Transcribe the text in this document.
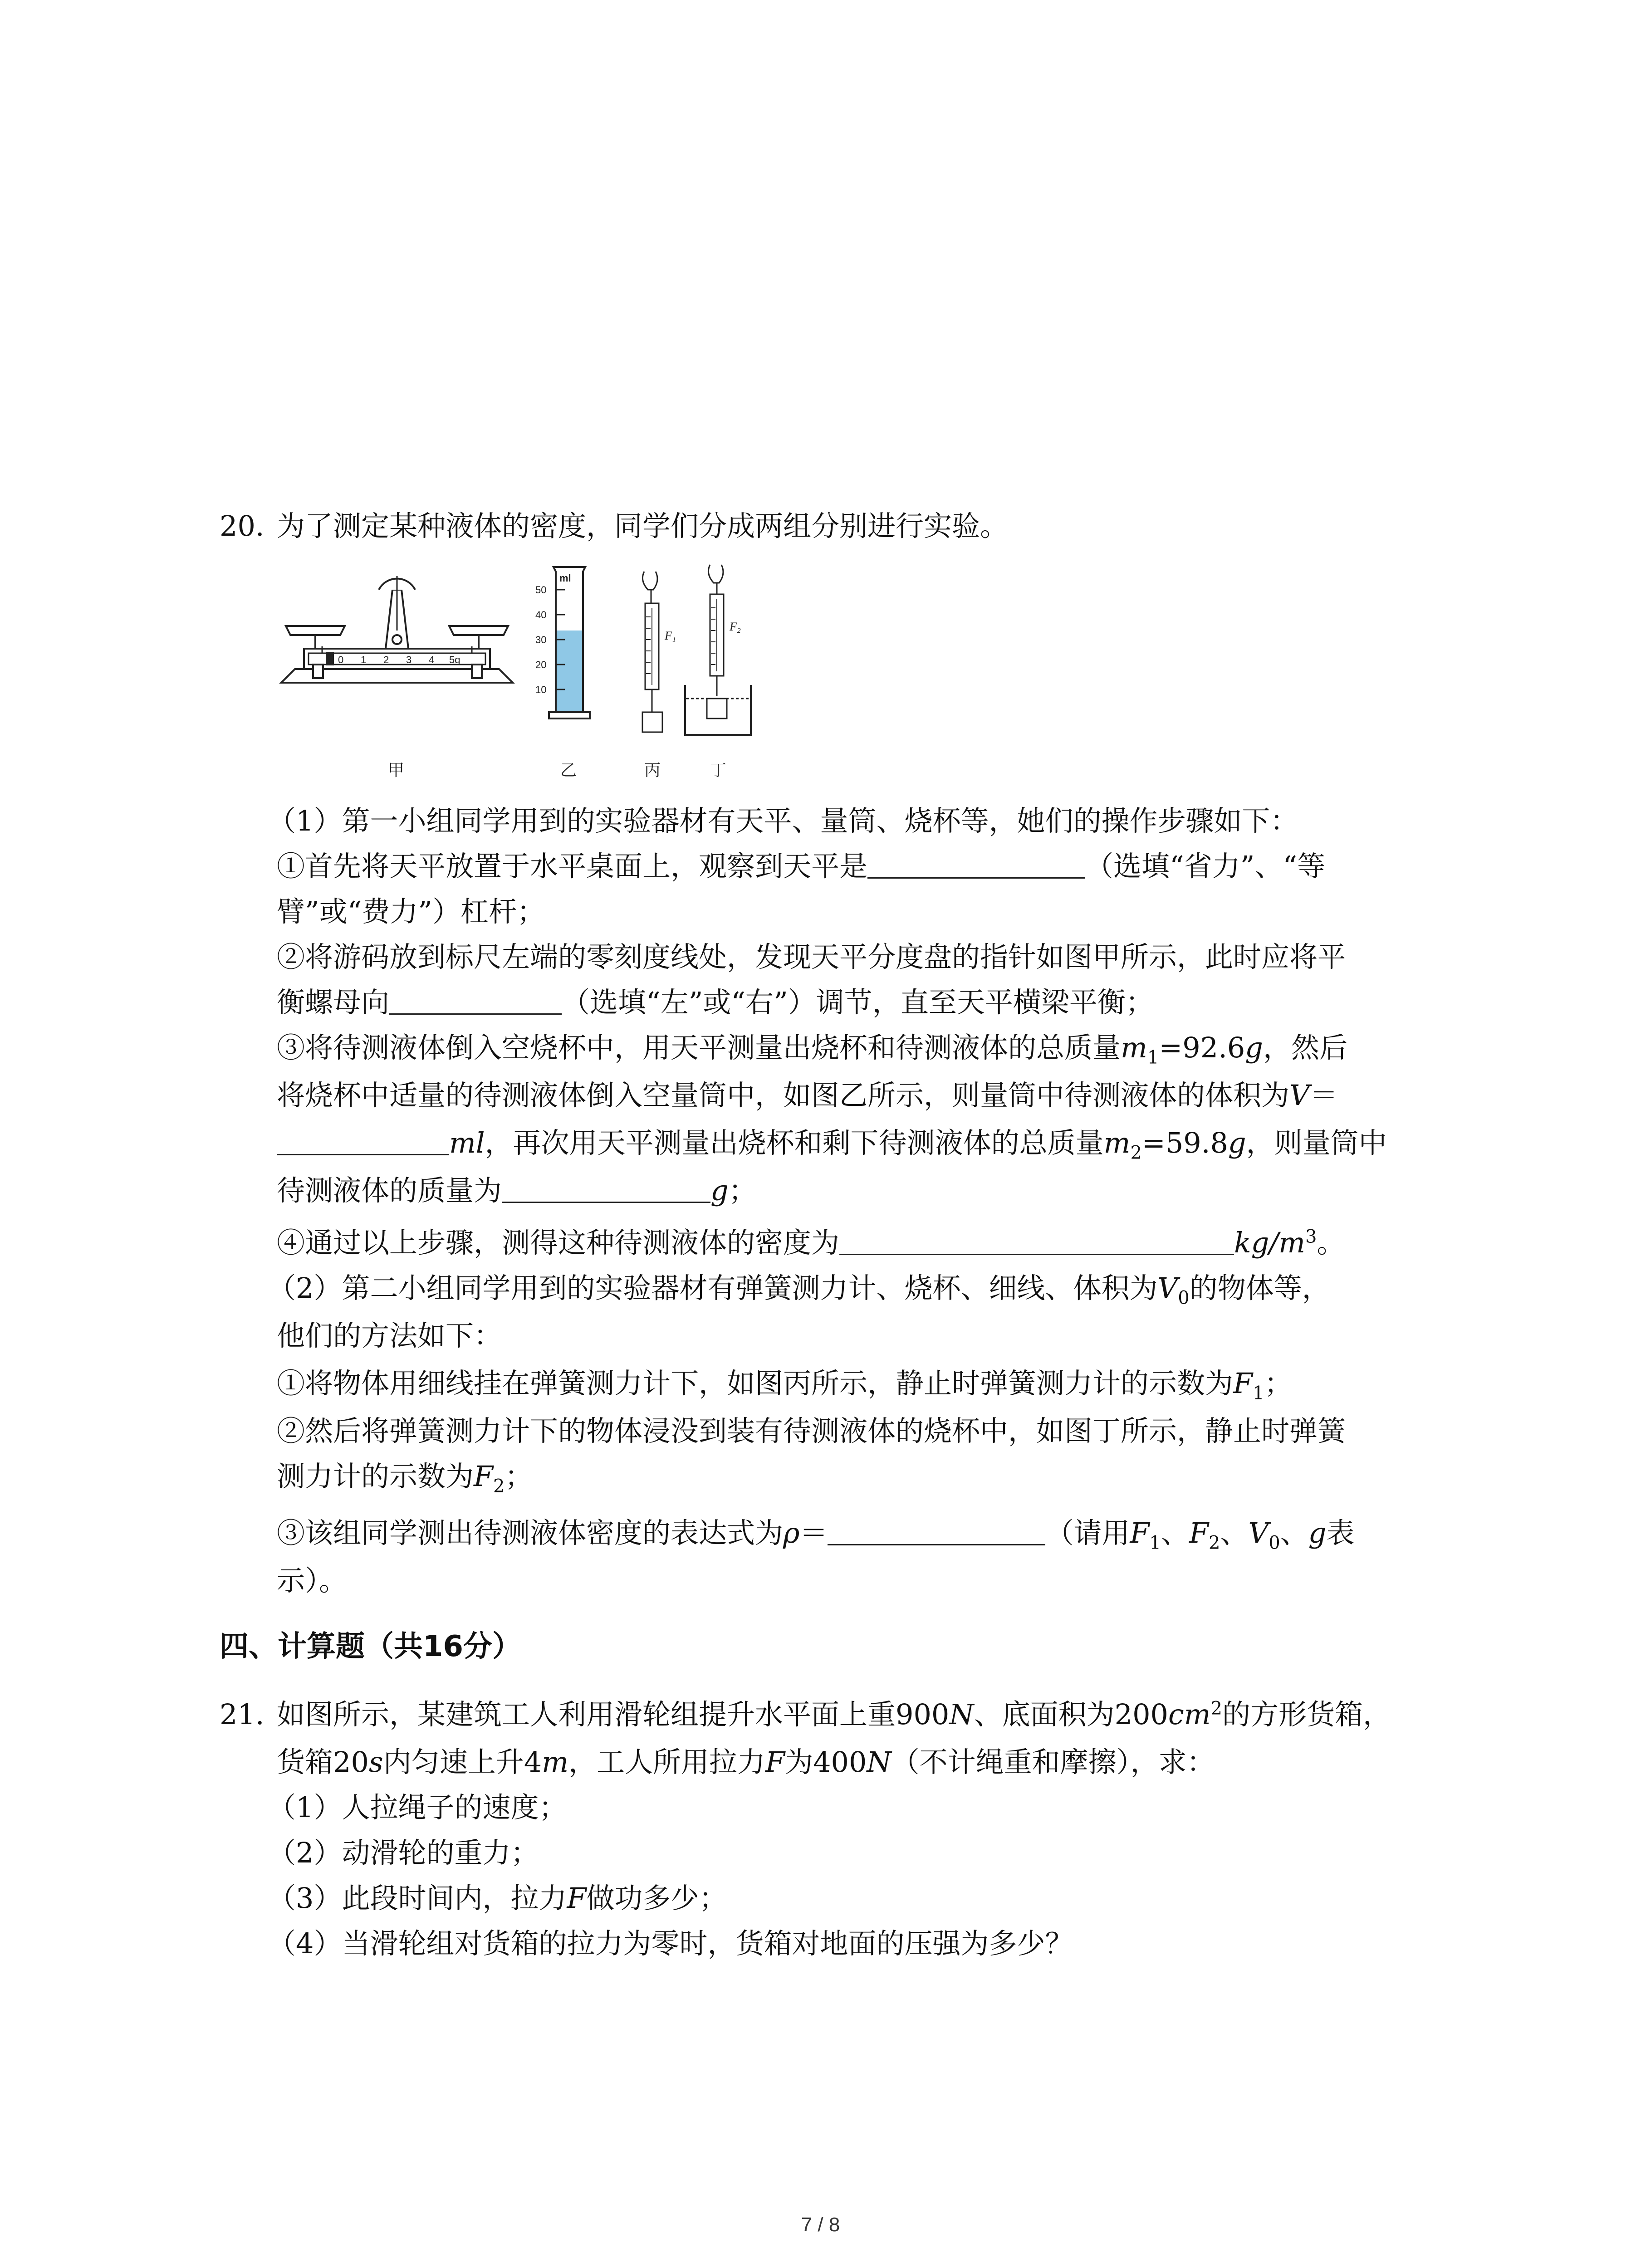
20. 为了测定某种液体的密度，同学们分成两组分别进行实验。
0 1 2 3 4 5g
ml
50
40
30
20
10
F₁
F₂
甲	乙	丙	丁
（1）第一小组同学用到的实验器材有天平、量筒、烧杯等，她们的操作步骤如下：
①首先将天平放置于水平桌面上，观察到天平是	（选填“省力”、“等
臂”或“费力”）杠杆；
②将游码放到标尺左端的零刻度线处，发现天平分度盘的指针如图甲所示，此时应将平
衡螺母向	（选填“左”或“右”）调节，直至天平横梁平衡；
③将待测液体倒入空烧杯中，用天平测量出烧杯和待测液体的总质量$m_1=92.6g$，然后
将烧杯中适量的待测液体倒入空量筒中，如图乙所示，则量筒中待测液体的体积为V＝
ml，再次用天平测量出烧杯和剩下待测液体的总质量$m_2=59.8g$，则量筒中
待测液体的质量为	g；
④通过以上步骤，测得这种待测液体的密度为	$kg/m^3$。
（2）第二小组同学用到的实验器材有弹簧测力计、烧杯、细线、体积为$V_0$的物体等，
他们的方法如下：
①将物体用细线挂在弹簧测力计下，如图丙所示，静止时弹簧测力计的示数为$F_1$；
②然后将弹簧测力计下的物体浸没到装有待测液体的烧杯中，如图丁所示，静止时弹簧
测力计的示数为$F_2$；
③该组同学测出待测液体密度的表达式为ρ＝	（请用$F_1$、$F_2$、$V_0$、g表
示）。
四、计算题（共16分）
21. 如图所示，某建筑工人利用滑轮组提升水平面上重900N、底面积为$200cm^2$的方形货箱，
货箱20s内匀速上升4m，工人所用拉力F为400N（不计绳重和摩擦），求：
（1）人拉绳子的速度；
（2）动滑轮的重力；
（3）此段时间内，拉力F做功多少；
（4）当滑轮组对货箱的拉力为零时，货箱对地面的压强为多少？
7 / 8
